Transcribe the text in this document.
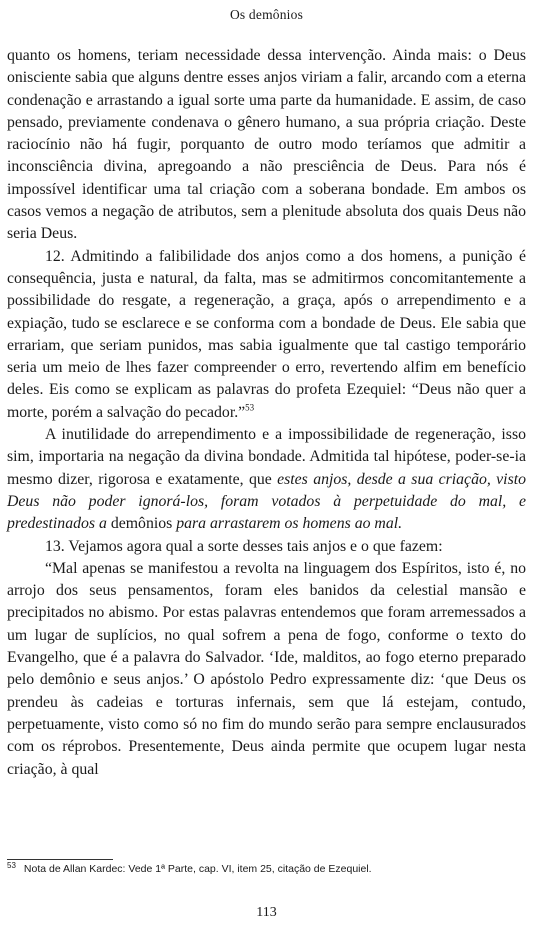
Os demônios

quanto os homens, teriam necessidade dessa intervenção. Ainda mais: o Deus onisciente sabia que alguns dentre esses anjos viriam a falir, arcando com a eterna condenação e arrastando a igual sorte uma parte da humanidade. E assim, de caso pensado, previamente condenava o gênero humano, a sua própria criação. Deste raciocínio não há fugir, porquanto de outro modo teríamos que admitir a inconsciência divina, apregoando a não presciência de Deus. Para nós é impossível identificar uma tal criação com a soberana bondade. Em ambos os casos vemos a negação de atributos, sem a plenitude absoluta dos quais Deus não seria Deus.

12. Admitindo a falibilidade dos anjos como a dos homens, a punição é consequência, justa e natural, da falta, mas se admitirmos concomitantemente a possibilidade do resgate, a regeneração, a graça, após o arrependimento e a expiação, tudo se esclarece e se conforma com a bondade de Deus. Ele sabia que errariam, que seriam punidos, mas sabia igualmente que tal castigo temporário seria um meio de lhes fazer compreender o erro, revertendo alfim em benefício deles. Eis como se explicam as palavras do profeta Ezequiel: “Deus não quer a morte, porém a salvação do pecador.”$^{53}$

A inutilidade do arrependimento e a impossibilidade de regeneração, isso sim, importaria na negação da divina bondade. Admitida tal hipótese, poder-se-ia mesmo dizer, rigorosa e exatamente, que estes anjos, desde a sua criação, visto Deus não poder ignorá-los, foram votados à perpetuidade do mal, e predestinados a demônios para arrastarem os homens ao mal.

13. Vejamos agora qual a sorte desses tais anjos e o que fazem:

“Mal apenas se manifestou a revolta na linguagem dos Espíritos, isto é, no arrojo dos seus pensamentos, foram eles banidos da celestial mansão e precipitados no abismo. Por estas palavras entendemos que foram arremessados a um lugar de suplícios, no qual sofrem a pena de fogo, conforme o texto do Evangelho, que é a palavra do Salvador. ‘Ide, malditos, ao fogo eterno preparado pelo demônio e seus anjos.’ O apóstolo Pedro expressamente diz: ‘que Deus os prendeu às cadeias e torturas infernais, sem que lá estejam, contudo, perpetuamente, visto como só no fim do mundo serão para sempre enclausurados com os réprobos. Presentemente, Deus ainda permite que ocupem lugar nesta criação, à qual

$^{53}$ Nota de Allan Kardec: Vede 1ª Parte, cap. VI, item 25, citação de Ezequiel.
113
